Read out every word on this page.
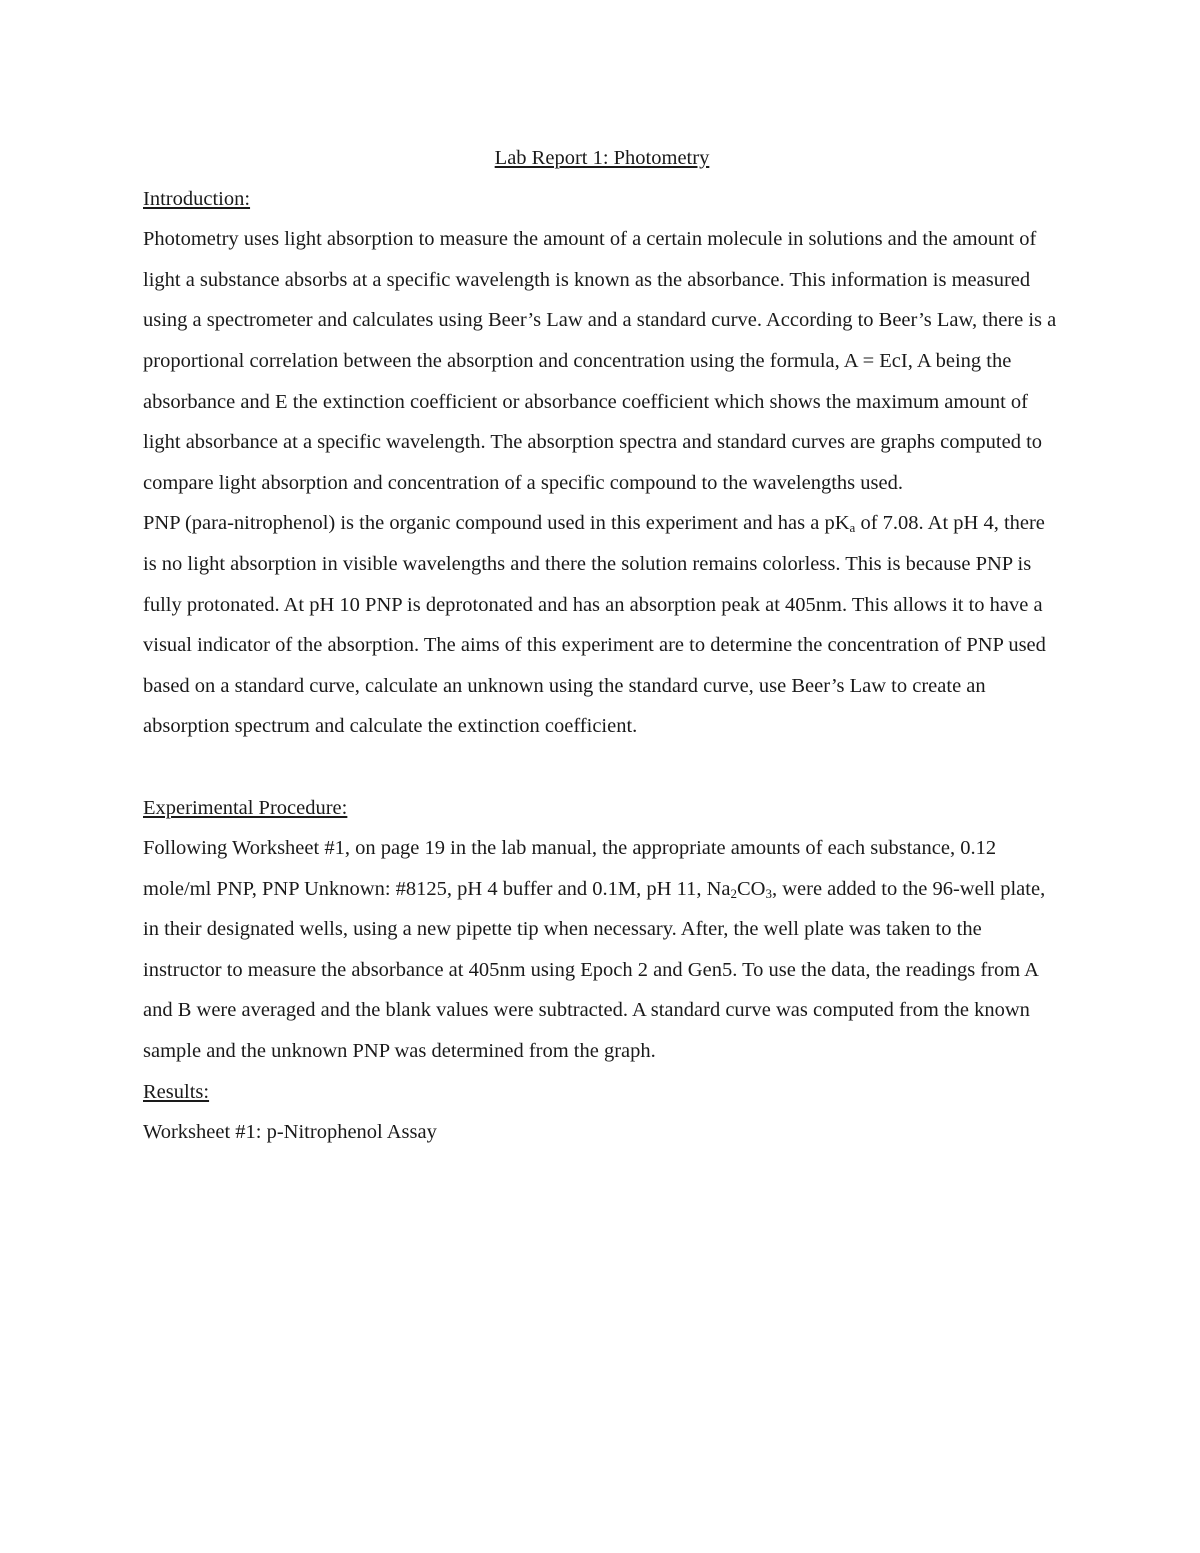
Lab Report 1: Photometry
Introduction:

Photometry uses light absorption to measure the amount of a certain molecule in solutions and the amount of light a substance absorbs at a specific wavelength is known as the absorbance. This information is measured using a spectrometer and calculates using Beer’s Law and a standard curve. According to Beer’s Law, there is a proportional correlation between the absorption and concentration using the formula, A = EcI, A being the absorbance and E the extinction coefficient or absorbance coefficient which shows the maximum amount of light absorbance at a specific wavelength. The absorption spectra and standard curves are graphs computed to compare light absorption and concentration of a specific compound to the wavelengths used.

PNP (para-nitrophenol) is the organic compound used in this experiment and has a $pK_a$ of 7.08. At pH 4, there is no light absorption in visible wavelengths and there the solution remains colorless. This is because PNP is fully protonated. At pH 10 PNP is deprotonated and has an absorption peak at 405nm. This allows it to have a visual indicator of the absorption. The aims of this experiment are to determine the concentration of PNP used based on a standard curve, calculate an unknown using the standard curve, use Beer’s Law to create an absorption spectrum and calculate the extinction coefficient.

Experimental Procedure:

Following Worksheet #1, on page 19 in the lab manual, the appropriate amounts of each substance, 0.12 mole/ml PNP, PNP Unknown: #8125, pH 4 buffer and 0.1M, pH 11, $Na_2CO_3$, were added to the 96-well plate, in their designated wells, using a new pipette tip when necessary. After, the well plate was taken to the instructor to measure the absorbance at 405nm using Epoch 2 and Gen5. To use the data, the readings from A and B were averaged and the blank values were subtracted. A standard curve was computed from the known sample and the unknown PNP was determined from the graph.

Results:

Worksheet #1: p-Nitrophenol Assay
